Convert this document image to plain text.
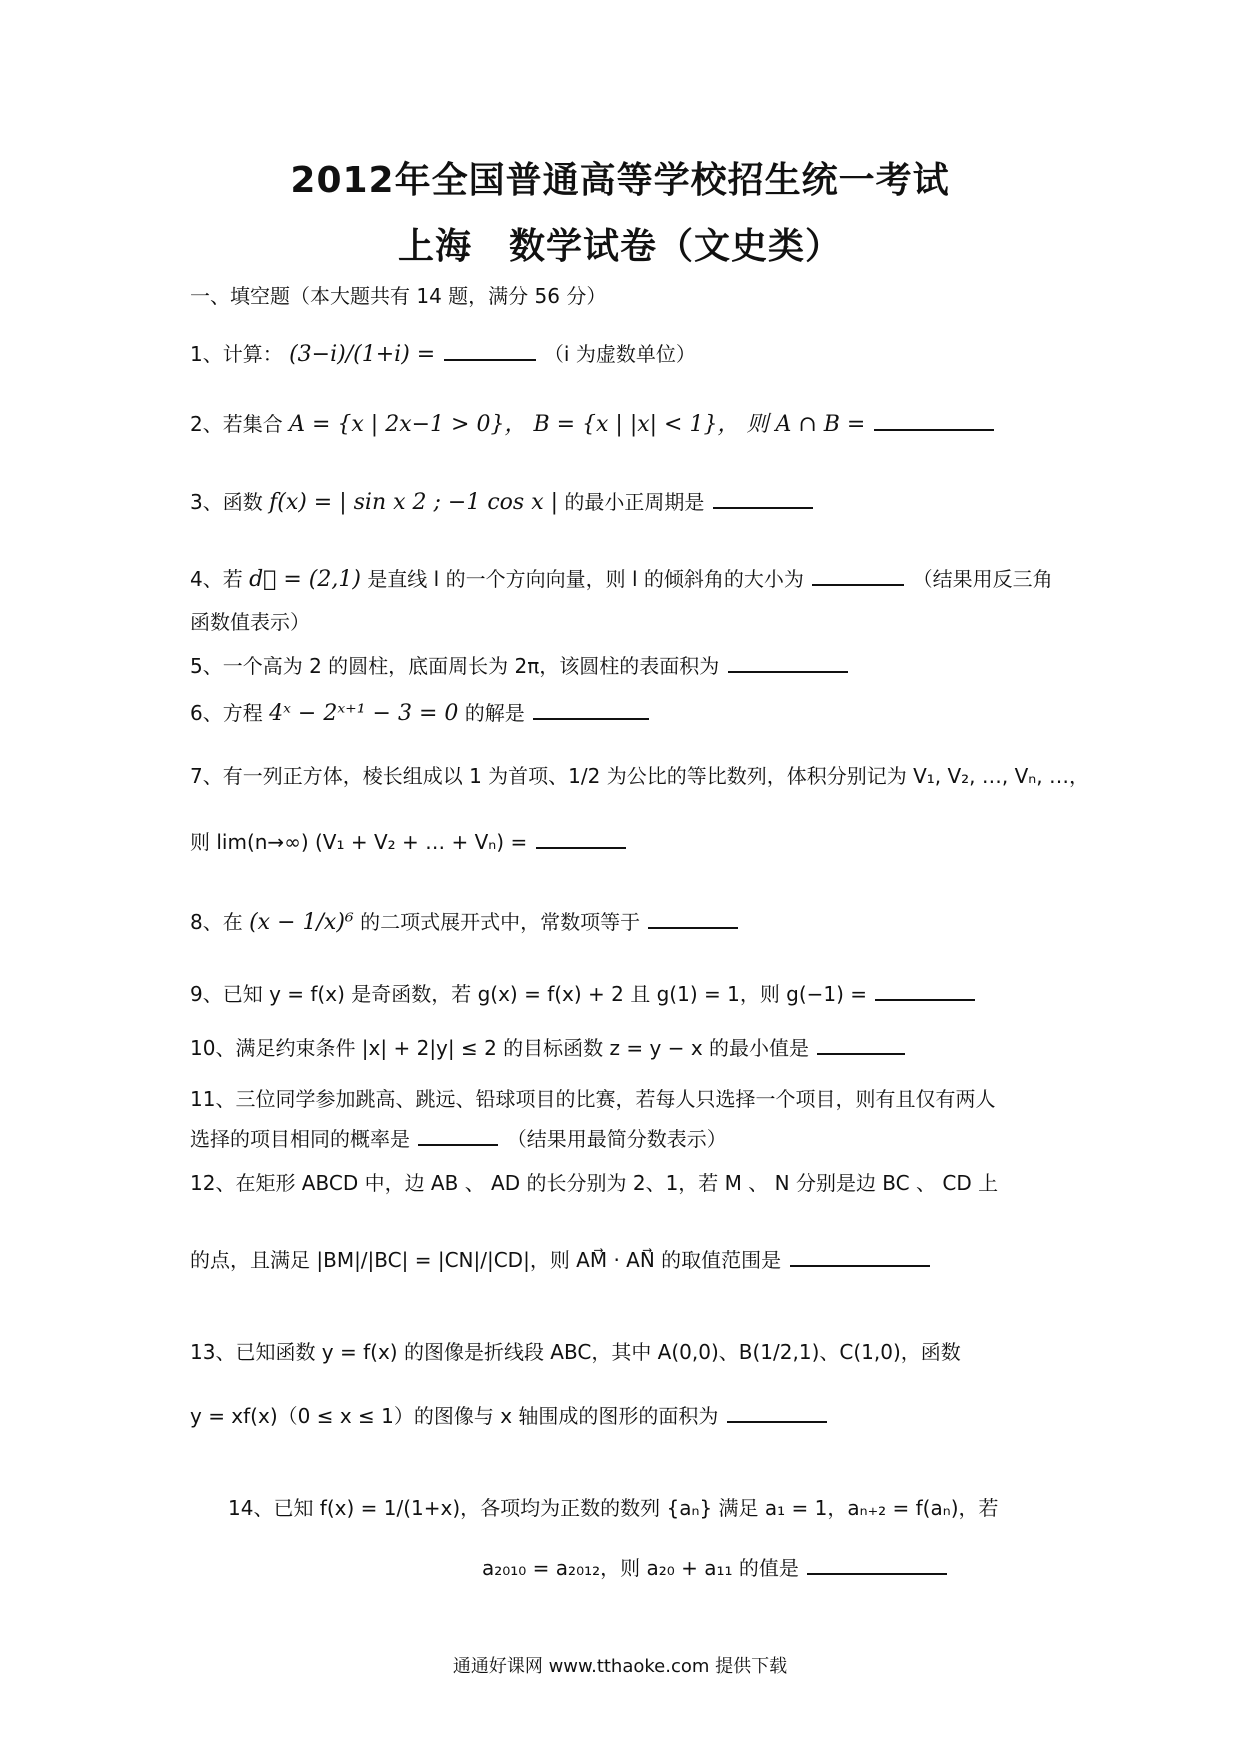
2012年全国普通高等学校招生统一考试
上海　数学试卷（文史类）
一、填空题（本大题共有 14 题，满分 56 分）
1、计算： (3−i)/(1+i) =	（i 为虚数单位）
2、若集合 A = {x | 2x−1 > 0}， B = {x | |x| < 1}， 则 A ∩ B =
3、函数 f(x) = | sin x 2 ; −1 cos x | 的最小正周期是
4、若 d⃗ = (2,1) 是直线 l 的一个方向向量，则 l 的倾斜角的大小为	（结果用反三角
函数值表示）
5、一个高为 2 的圆柱，底面周长为 2π，该圆柱的表面积为
6、方程 4ˣ − 2ˣ⁺¹ − 3 = 0 的解是
7、有一列正方体，棱长组成以 1 为首项、1/2 为公比的等比数列，体积分别记为 V₁, V₂, …, Vₙ, …，
则 lim(n→∞) (V₁ + V₂ + … + Vₙ) =
8、在 (x − 1/x)⁶ 的二项式展开式中，常数项等于
9、已知 y = f(x) 是奇函数，若 g(x) = f(x) + 2 且 g(1) = 1，则 g(−1) =
10、满足约束条件 |x| + 2|y| ≤ 2 的目标函数 z = y − x 的最小值是
11、三位同学参加跳高、跳远、铅球项目的比赛，若每人只选择一个项目，则有且仅有两人
选择的项目相同的概率是	（结果用最简分数表示）
12、在矩形 ABCD 中，边 AB 、 AD 的长分别为 2、1，若 M 、 N 分别是边 BC 、 CD 上
的点，且满足 |BM|/|BC| = |CN|/|CD|，则 AM⃗ · AN⃗ 的取值范围是
13、已知函数 y = f(x) 的图像是折线段 ABC，其中 A(0,0)、B(1/2,1)、C(1,0)，函数
y = xf(x)（0 ≤ x ≤ 1）的图像与 x 轴围成的图形的面积为
14、已知 f(x) = 1/(1+x)，各项均为正数的数列 {aₙ} 满足 a₁ = 1，aₙ₊₂ = f(aₙ)，若
a₂₀₁₀ = a₂₀₁₂，则 a₂₀ + a₁₁ 的值是
通通好课网 www.tthaoke.com 提供下载
